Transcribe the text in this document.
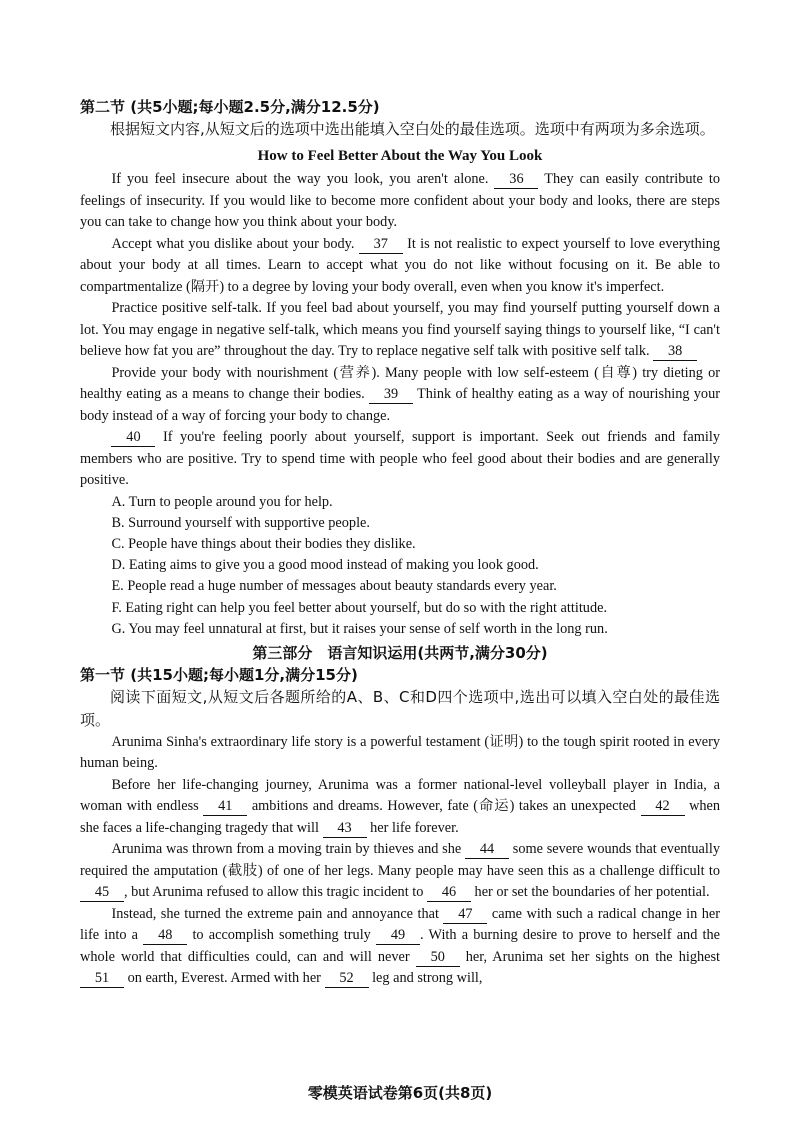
第二节 (共5小题;每小题2.5分,满分12.5分)

根据短文内容,从短文后的选项中选出能填入空白处的最佳选项。选项中有两项为多余选项。

How to Feel Better About the Way You Look

If you feel insecure about the way you look, you aren't alone. 36 They can easily contribute to feelings of insecurity. If you would like to become more confident about your body and looks, there are steps you can take to change how you think about your body.

Accept what you dislike about your body. 37 It is not realistic to expect yourself to love everything about your body at all times. Learn to accept what you do not like without focusing on it. Be able to compartmentalize (隔开) to a degree by loving your body overall, even when you know it's imperfect.

Practice positive self-talk. If you feel bad about yourself, you may find yourself putting yourself down a lot. You may engage in negative self-talk, which means you find yourself saying things to yourself like, “I can't believe how fat you are” throughout the day. Try to replace negative self talk with positive self talk. 38

Provide your body with nourishment (营养). Many people with low self-esteem (自尊) try dieting or healthy eating as a means to change their bodies. 39 Think of healthy eating as a way of nourishing your body instead of a way of forcing your body to change.

40 If you're feeling poorly about yourself, support is important. Seek out friends and family members who are positive. Try to spend time with people who feel good about their bodies and are generally positive.

A. Turn to people around you for help.
B. Surround yourself with supportive people.
C. People have things about their bodies they dislike.
D. Eating aims to give you a good mood instead of making you look good.
E. People read a huge number of messages about beauty standards every year.
F. Eating right can help you feel better about yourself, but do so with the right attitude.
G. You may feel unnatural at first, but it raises your sense of self worth in the long run.

第三部分　语言知识运用(共两节,满分30分)

第一节 (共15小题;每小题1分,满分15分)

阅读下面短文,从短文后各题所给的A、B、C和D四个选项中,选出可以填入空白处的最佳选项。

Arunima Sinha's extraordinary life story is a powerful testament (证明) to the tough spirit rooted in every human being.

Before her life-changing journey, Arunima was a former national-level volleyball player in India, a woman with endless 41 ambitions and dreams. However, fate (命运) takes an unexpected 42 when she faces a life-changing tragedy that will 43 her life forever.

Arunima was thrown from a moving train by thieves and she 44 some severe wounds that eventually required the amputation (截肢) of one of her legs. Many people may have seen this as a challenge difficult to 45 , but Arunima refused to allow this tragic incident to 46 her or set the boundaries of her potential.

Instead, she turned the extreme pain and annoyance that 47 came with such a radical change in her life into a 48 to accomplish something truly 49 . With a burning desire to prove to herself and the whole world that difficulties could, can and will never 50 her, Arunima set her sights on the highest 51 on earth, Everest. Armed with her 52 leg and strong will,

零模英语试卷第6页(共8页)
